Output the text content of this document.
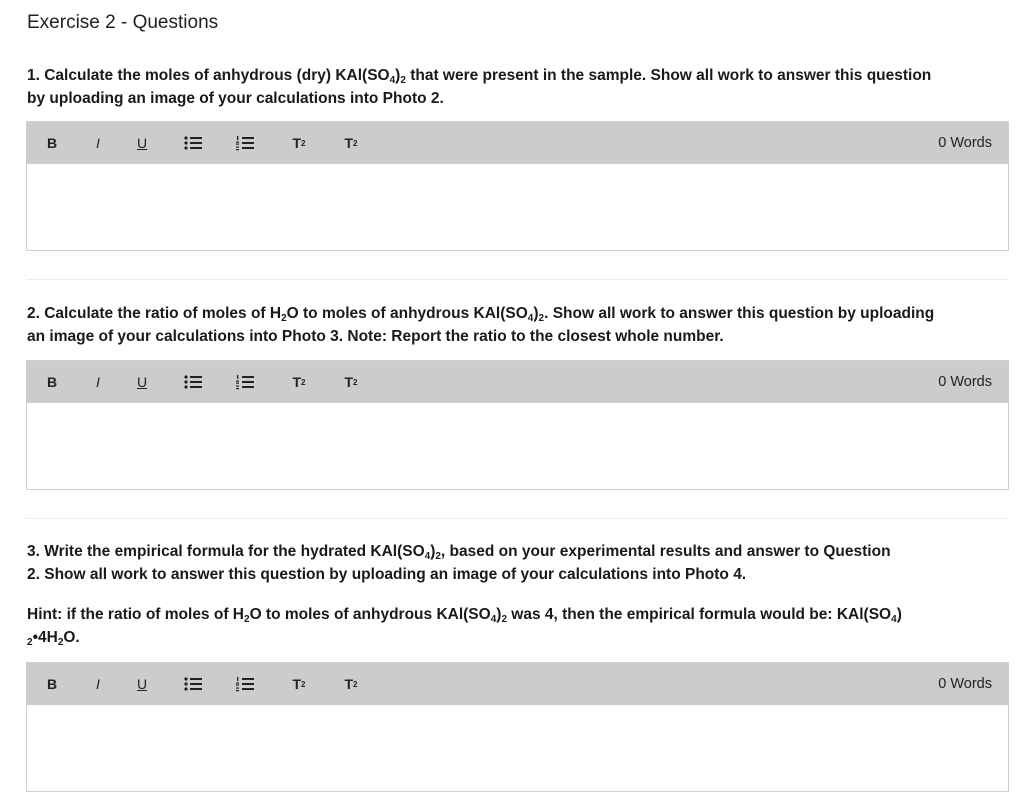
Exercise 2 - Questions
1. Calculate the moles of anhydrous (dry) $KAl(SO_4)_2$ that were present in the sample. Show all work to answer this question
by uploading an image of your calculations into Photo 2.
B	I	U	T 2	T 2	0 Words
2. Calculate the ratio of moles of $H_2O$ to moles of anhydrous $KAl(SO_4)_2$. Show all work to answer this question by uploading
an image of your calculations into Photo 3. Note: Report the ratio to the closest whole number.
B	I	U	T 2	T 2	0 Words
3. Write the empirical formula for the hydrated $KAl(SO_4)_2$, based on your experimental results and answer to Question
2. Show all work to answer this question by uploading an image of your calculations into Photo 4.
Hint: if the ratio of moles of $H_2O$ to moles of anhydrous $KAl(SO_4)_2$ was 4, then the empirical formula would be: $KAl(SO_4)$
$_2•4H_2O$.
B	I	U	T 2	T 2	0 Words
